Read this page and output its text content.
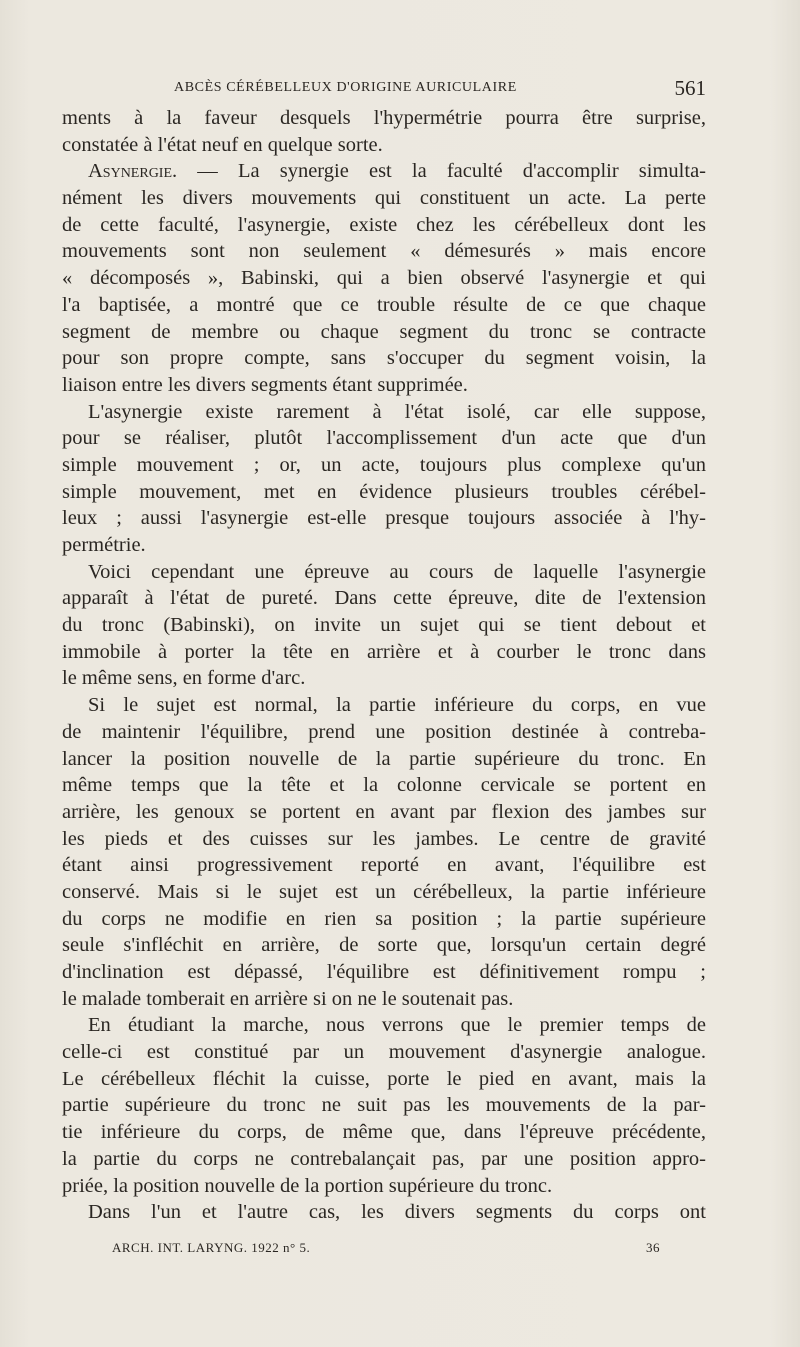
ABCÈS CÉRÉBELLEUX D'ORIGINE AURICULAIRE	561
ments à la faveur desquels l'hypermétrie pourra être surprise,
constatée à l'état neuf en quelque sorte.
Asynergie. — La synergie est la faculté d'accomplir simulta-
nément les divers mouvements qui constituent un acte. La perte
de cette faculté, l'asynergie, existe chez les cérébelleux dont les
mouvements sont non seulement « démesurés » mais encore
« décomposés », Babinski, qui a bien observé l'asynergie et qui
l'a baptisée, a montré que ce trouble résulte de ce que chaque
segment de membre ou chaque segment du tronc se contracte
pour son propre compte, sans s'occuper du segment voisin, la
liaison entre les divers segments étant supprimée.
L'asynergie existe rarement à l'état isolé, car elle suppose,
pour se réaliser, plutôt l'accomplissement d'un acte que d'un
simple mouvement ; or, un acte, toujours plus complexe qu'un
simple mouvement, met en évidence plusieurs troubles cérébel-
leux ; aussi l'asynergie est-elle presque toujours associée à l'hy-
permétrie.
Voici cependant une épreuve au cours de laquelle l'asynergie
apparaît à l'état de pureté. Dans cette épreuve, dite de l'extension
du tronc (Babinski), on invite un sujet qui se tient debout et
immobile à porter la tête en arrière et à courber le tronc dans
le même sens, en forme d'arc.
Si le sujet est normal, la partie inférieure du corps, en vue
de maintenir l'équilibre, prend une position destinée à contreba-
lancer la position nouvelle de la partie supérieure du tronc. En
même temps que la tête et la colonne cervicale se portent en
arrière, les genoux se portent en avant par flexion des jambes sur
les pieds et des cuisses sur les jambes. Le centre de gravité
étant ainsi progressivement reporté en avant, l'équilibre est
conservé. Mais si le sujet est un cérébelleux, la partie inférieure
du corps ne modifie en rien sa position ; la partie supérieure
seule s'infléchit en arrière, de sorte que, lorsqu'un certain degré
d'inclination est dépassé, l'équilibre est définitivement rompu ;
le malade tomberait en arrière si on ne le soutenait pas.
En étudiant la marche, nous verrons que le premier temps de
celle-ci est constitué par un mouvement d'asynergie analogue.
Le cérébelleux fléchit la cuisse, porte le pied en avant, mais la
partie supérieure du tronc ne suit pas les mouvements de la par-
tie inférieure du corps, de même que, dans l'épreuve précédente,
la partie du corps ne contrebalançait pas, par une position appro-
priée, la position nouvelle de la portion supérieure du tronc.
Dans l'un et l'autre cas, les divers segments du corps ont
ARCH. INT. LARYNG. 1922 n° 5.	36
